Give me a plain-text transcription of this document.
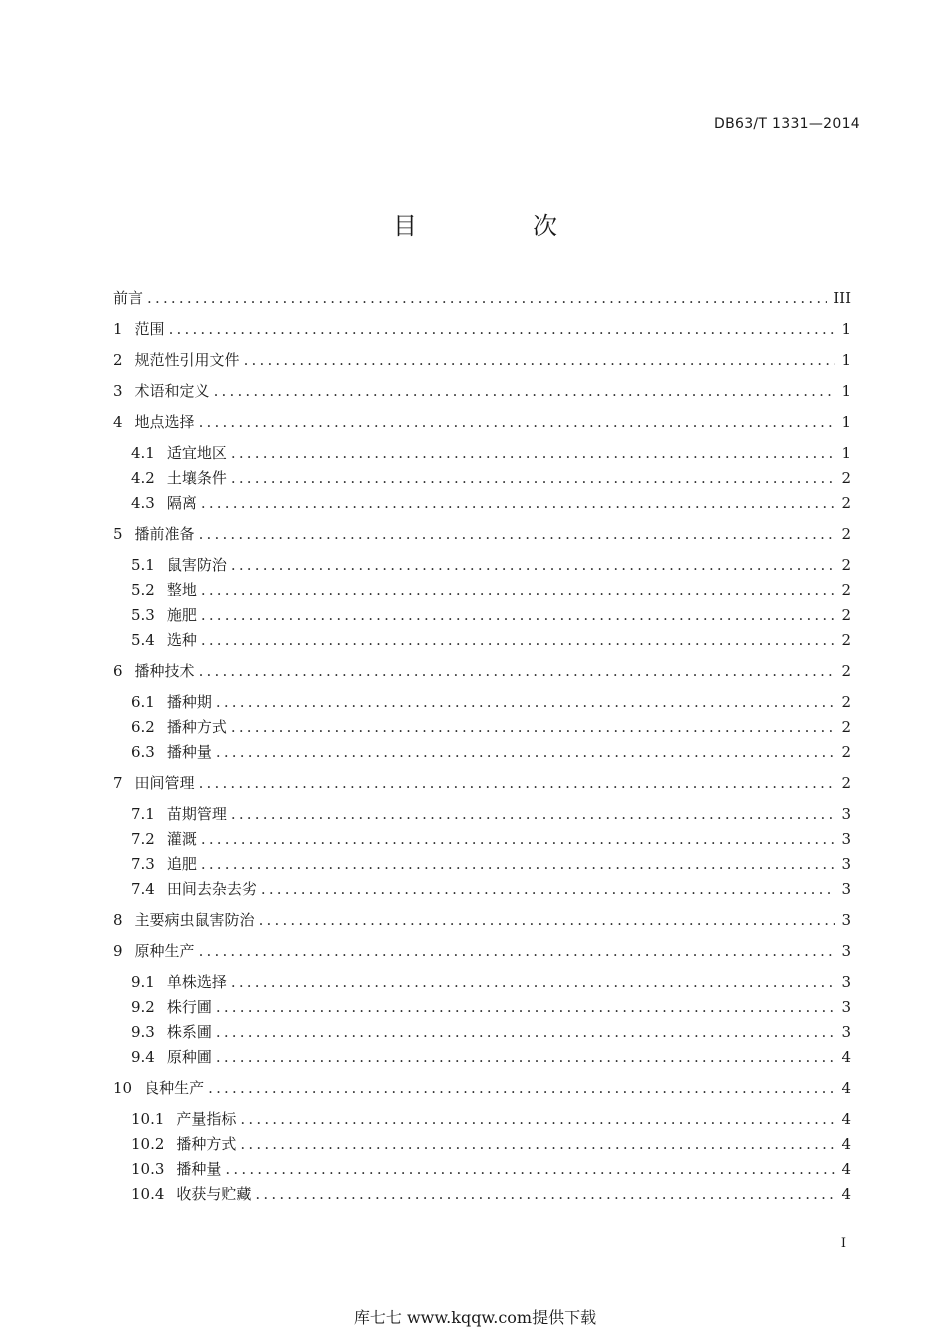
DB63/T 1331—2014
目　次
前言 .....	III
1 范围 .....	1
2 规范性引用文件 .....	1
3 术语和定义 .....	1
4 地点选择 .....	1
4.1 适宜地区 .....	1
4.2 土壤条件 .....	2
4.3 隔离 .....	2
5 播前准备 .....	2
5.1 鼠害防治 .....	2
5.2 整地 .....	2
5.3 施肥 .....	2
5.4 选种 .....	2
6 播种技术 .....	2
6.1 播种期 .....	2
6.2 播种方式 .....	2
6.3 播种量 .....	2
7 田间管理 .....	2
7.1 苗期管理 .....	3
7.2 灌溉 .....	3
7.3 追肥 .....	3
7.4 田间去杂去劣 .....	3
8 主要病虫鼠害防治 .....	3
9 原种生产 .....	3
9.1 单株选择 .....	3
9.2 株行圃 .....	3
9.3 株系圃 .....	3
9.4 原种圃 .....	4
10 良种生产 .....	4
10.1 产量指标 .....	4
10.2 播种方式 .....	4
10.3 播种量 .....	4
10.4 收获与贮藏 .....	4
I
库七七 www.kqqw.com提供下载
